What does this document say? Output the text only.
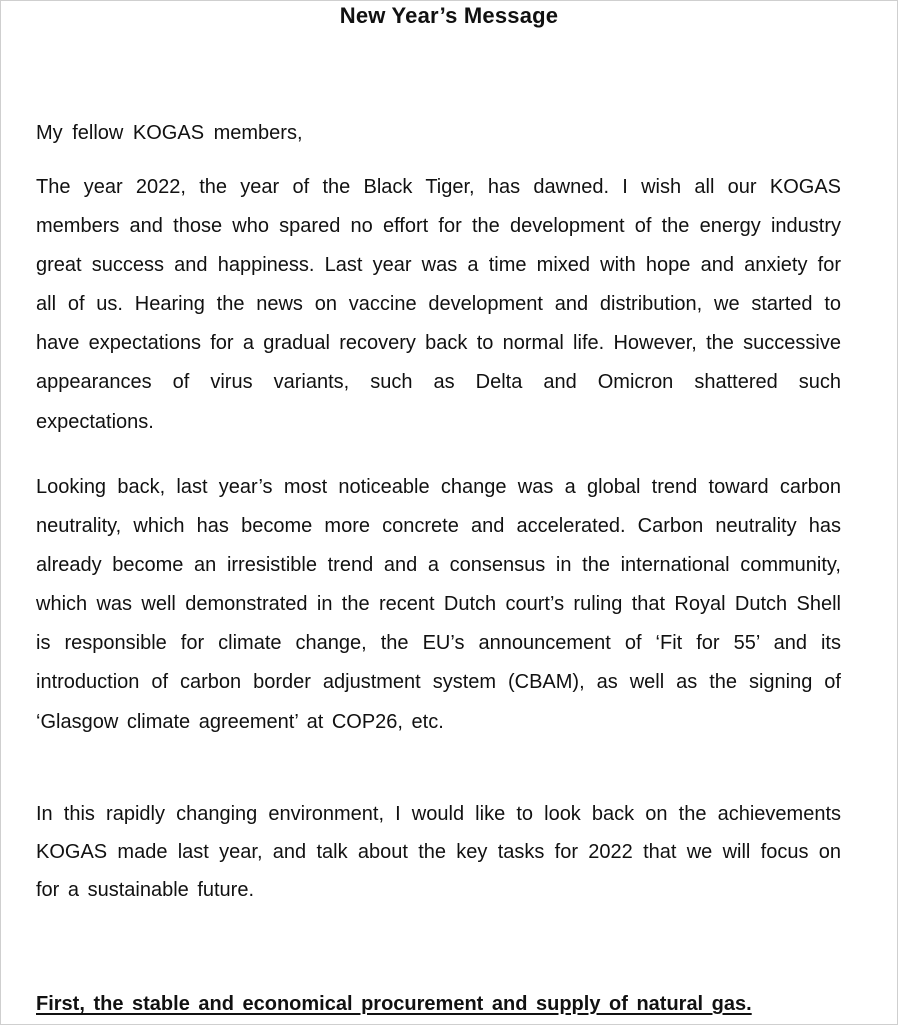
New Year’s Message

My fellow KOGAS members,

The year 2022, the year of the Black Tiger, has dawned. I wish all our KOGAS members and those who spared no effort for the development of the energy industry great success and happiness. Last year was a time mixed with hope and anxiety for all of us. Hearing the news on vaccine development and distribution, we started to have expectations for a gradual recovery back to normal life. However, the successive appearances of virus variants, such as Delta and Omicron shattered such expectations.

Looking back, last year’s most noticeable change was a global trend toward carbon neutrality, which has become more concrete and accelerated. Carbon neutrality has already become an irresistible trend and a consensus in the international community, which was well demonstrated in the recent Dutch court’s ruling that Royal Dutch Shell is responsible for climate change, the EU’s announcement of ‘Fit for 55’ and its introduction of carbon border adjustment system (CBAM), as well as the signing of ‘Glasgow climate agreement’ at COP26, etc.

In this rapidly changing environment, I would like to look back on the achievements KOGAS made last year, and talk about the key tasks for 2022 that we will focus on for a sustainable future.

First, the stable and economical procurement and supply of natural gas.
